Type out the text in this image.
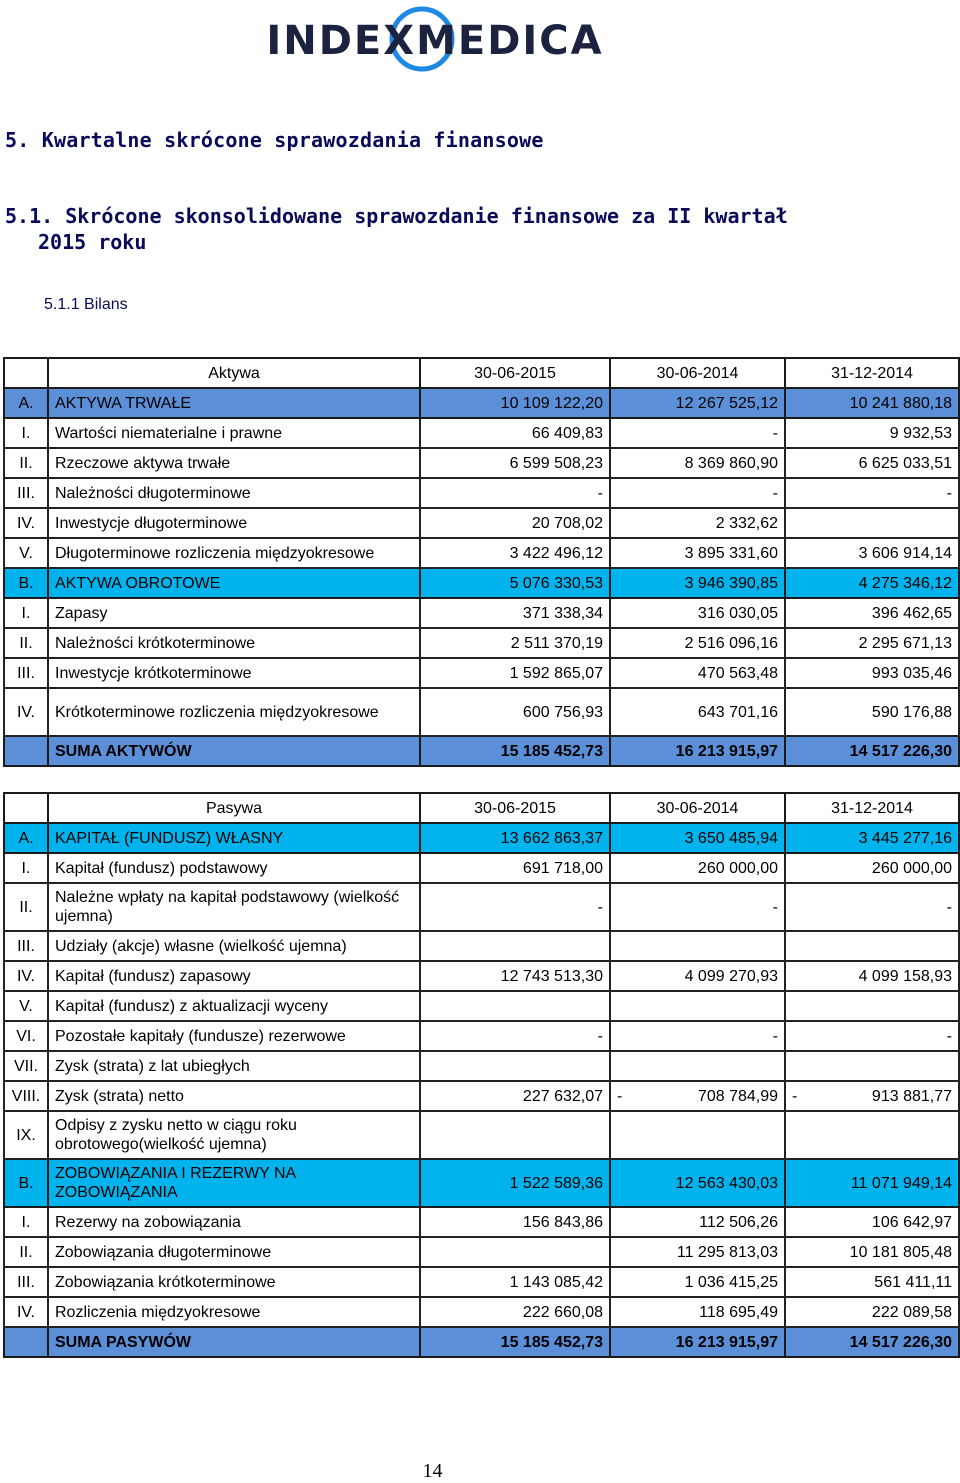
INDEXMEDICA
5. Kwartalne skrócone sprawozdania finansowe
5.1. Skrócone skonsolidowane sprawozdanie finansowe za II kwartał
2015 roku
5.1.1 Bilans
	Aktywa	30-06-2015	30-06-2014	31-12-2014
A.	AKTYWA TRWAŁE	10 109 122,20	12 267 525,12	10 241 880,18
I.	Wartości niematerialne i prawne	66 409,83	-	9 932,53
II.	Rzeczowe aktywa trwałe	6 599 508,23	8 369 860,90	6 625 033,51
III.	Należności długoterminowe	-	-	-
IV.	Inwestycje długoterminowe	20 708,02	2 332,62	
V.	Długoterminowe rozliczenia międzyokresowe	3 422 496,12	3 895 331,60	3 606 914,14
B.	AKTYWA OBROTOWE	5 076 330,53	3 946 390,85	4 275 346,12
I.	Zapasy	371 338,34	316 030,05	396 462,65
II.	Należności krótkoterminowe	2 511 370,19	2 516 096,16	2 295 671,13
III.	Inwestycje krótkoterminowe	1 592 865,07	470 563,48	993 035,46
IV.	Krótkoterminowe rozliczenia międzyokresowe	600 756,93	643 701,16	590 176,88
	SUMA AKTYWÓW	15 185 452,73	16 213 915,97	14 517 226,30
	Pasywa	30-06-2015	30-06-2014	31-12-2014
A.	KAPITAŁ (FUNDUSZ) WŁASNY	13 662 863,37	3 650 485,94	3 445 277,16
I.	Kapitał (fundusz) podstawowy	691 718,00	260 000,00	260 000,00
II.	Należne wpłaty na kapitał podstawowy (wielkość ujemna)	-	-	-
III.	Udziały (akcje) własne (wielkość ujemna)			
IV.	Kapitał (fundusz) zapasowy	12 743 513,30	4 099 270,93	4 099 158,93
V.	Kapitał (fundusz) z aktualizacji wyceny			
VI.	Pozostałe kapitały (fundusze) rezerwowe	-	-	-
VII.	Zysk (strata) z lat ubiegłych			
VIII.	Zysk (strata) netto	227 632,07	- 708 784,99	- 913 881,77

IX.	Odpisy z zysku netto w ciągu roku obrotowego(wielkość ujemna)			
B.	ZOBOWIĄZANIA I REZERWY NA ZOBOWIĄZANIA	1 522 589,36	12 563 430,03	11 071 949,14
I.	Rezerwy na zobowiązania	156 843,86	112 506,26	106 642,97
II.	Zobowiązania długoterminowe		11 295 813,03	10 181 805,48
III.	Zobowiązania krótkoterminowe	1 143 085,42	1 036 415,25	561 411,11
IV.	Rozliczenia międzyokresowe	222 660,08	118 695,49	222 089,58
	SUMA PASYWÓW	15 185 452,73	16 213 915,97	14 517 226,30
14
